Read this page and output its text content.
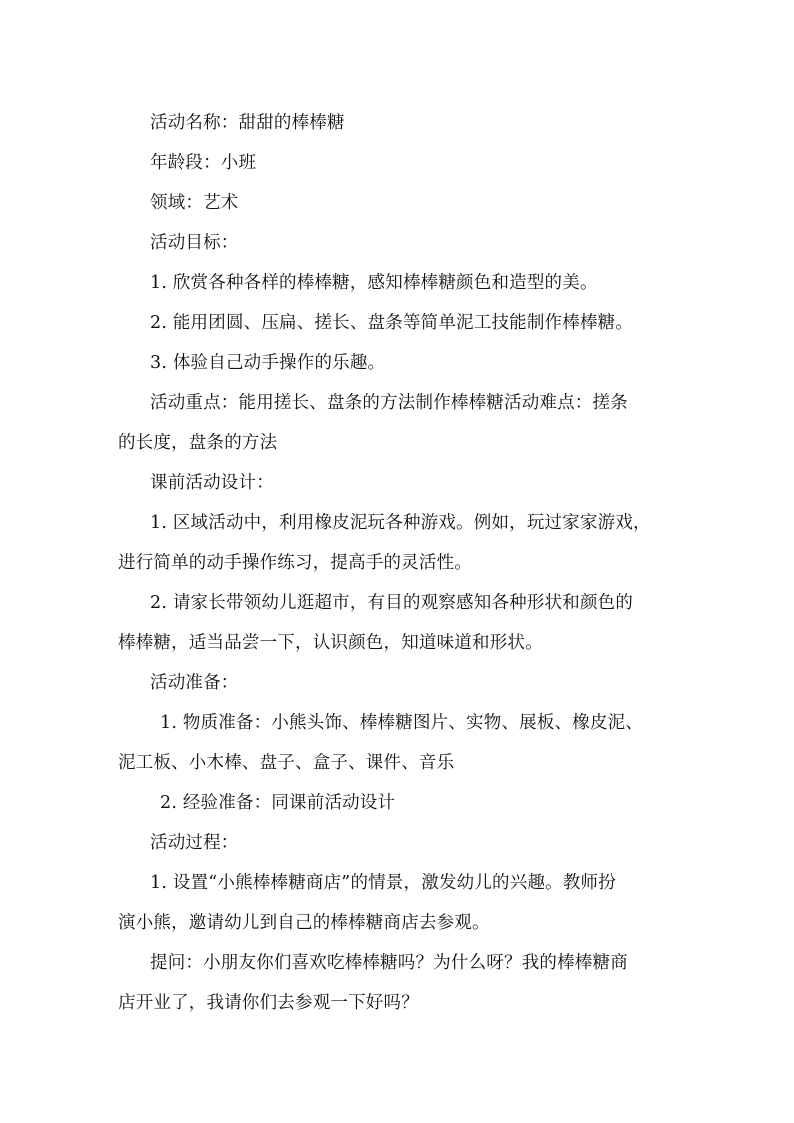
活动名称：甜甜的棒棒糖
年龄段：小班
领域：艺术
活动目标：
1. 欣赏各种各样的棒棒糖，感知棒棒糖颜色和造型的美。
2. 能用团圆、压扁、搓长、盘条等简单泥工技能制作棒棒糖。
3. 体验自己动手操作的乐趣。
活动重点：能用搓长、盘条的方法制作棒棒糖活动难点：搓条
的长度，盘条的方法
课前活动设计：
1. 区域活动中，利用橡皮泥玩各种游戏。例如，玩过家家游戏，
进行简单的动手操作练习，提高手的灵活性。
2. 请家长带领幼儿逛超市，有目的观察感知各种形状和颜色的
棒棒糖，适当品尝一下，认识颜色，知道味道和形状。
活动准备：
1. 物质准备：小熊头饰、棒棒糖图片、实物、展板、橡皮泥、
泥工板、小木棒、盘子、盒子、课件、音乐
2. 经验准备：同课前活动设计
活动过程：
1. 设置“小熊棒棒糖商店”的情景，激发幼儿的兴趣。教师扮
演小熊，邀请幼儿到自己的棒棒糖商店去参观。
提问：小朋友你们喜欢吃棒棒糖吗？为什么呀？我的棒棒糖商
店开业了，我请你们去参观一下好吗？
